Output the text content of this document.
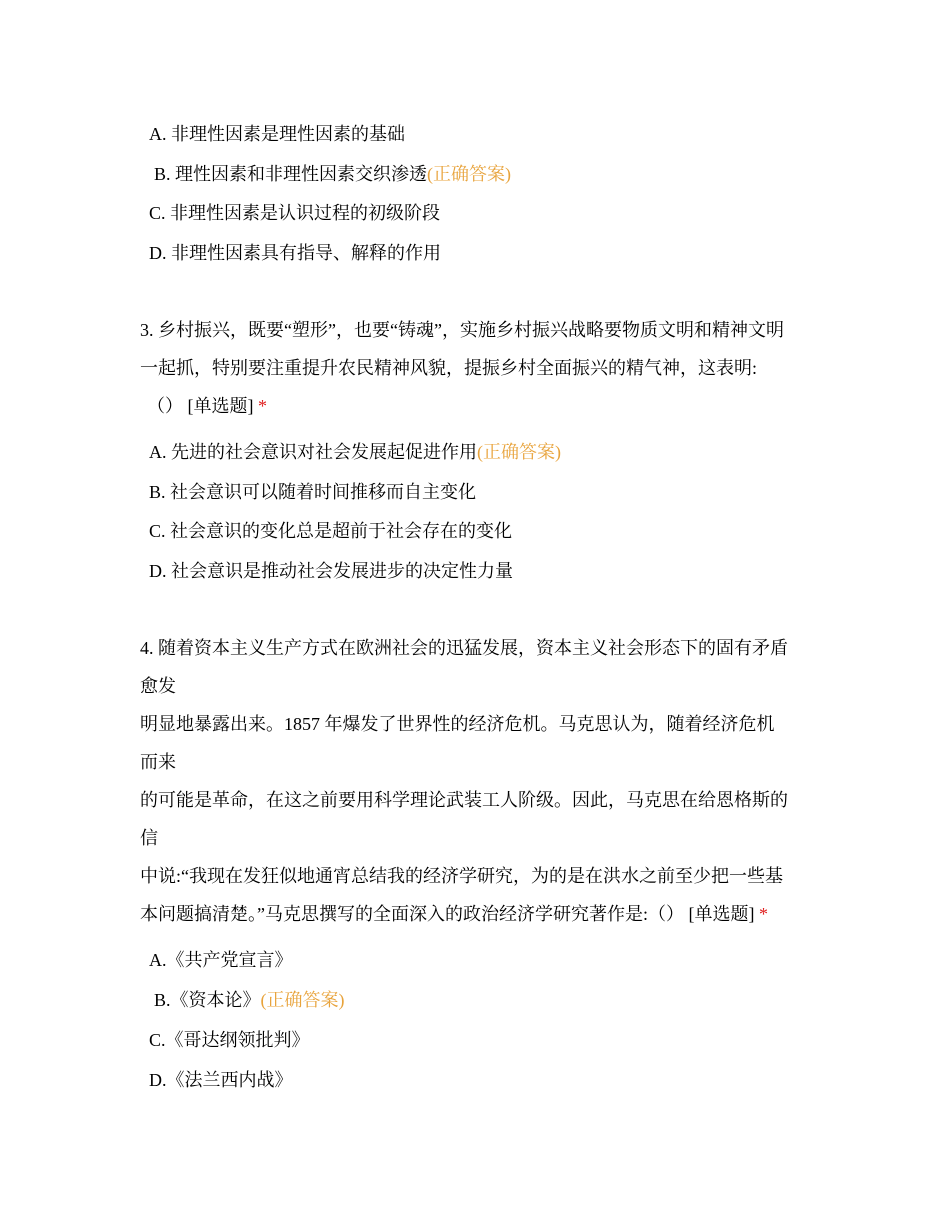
A. 非理性因素是理性因素的基础
B. 理性因素和非理性因素交织渗透(正确答案)
C. 非理性因素是认识过程的初级阶段
D. 非理性因素具有指导、解释的作用
3. 乡村振兴，既要“塑形”，也要“铸魂”，实施乡村振兴战略要物质文明和精神文明
一起抓，特别要注重提升农民精神风貌，提振乡村全面振兴的精气神，这表明:
（） [单选题] *
A. 先进的社会意识对社会发展起促进作用(正确答案)
B. 社会意识可以随着时间推移而自主变化
C. 社会意识的变化总是超前于社会存在的变化
D. 社会意识是推动社会发展进步的决定性力量
4. 随着资本主义生产方式在欧洲社会的迅猛发展，资本主义社会形态下的固有矛盾
愈发
明显地暴露出来。1857 年爆发了世界性的经济危机。马克思认为，随着经济危机
而来
的可能是革命，在这之前要用科学理论武装工人阶级。因此，马克思在给恩格斯的
信
中说:“我现在发狂似地通宵总结我的经济学研究，为的是在洪水之前至少把一些基
本问题搞清楚。”马克思撰写的全面深入的政治经济学研究著作是:（） [单选题] *
A.《共产党宣言》
B.《资本论》(正确答案)
C.《哥达纲领批判》
D.《法兰西内战》
